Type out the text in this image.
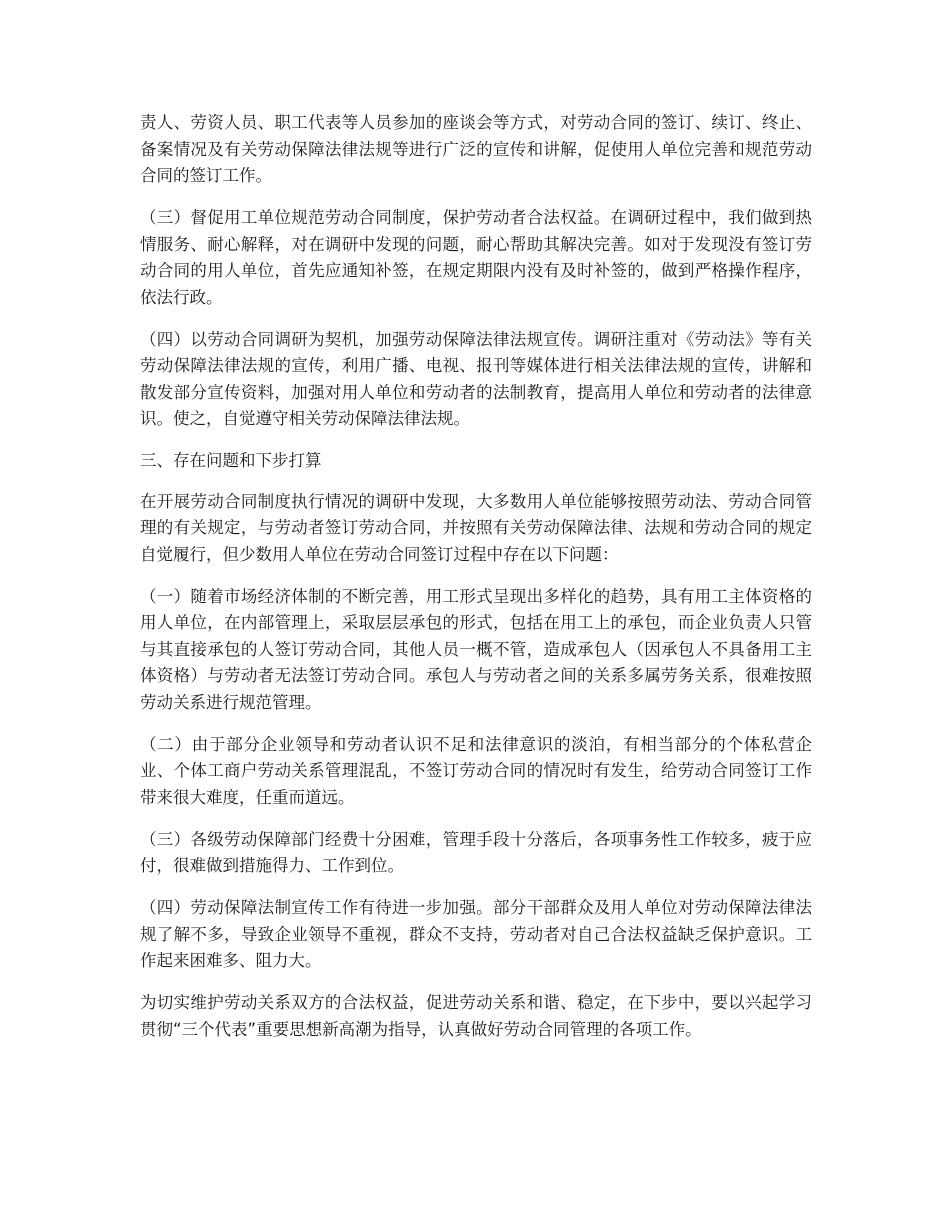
责人、劳资人员、职工代表等人员参加的座谈会等方式，对劳动合同的签订、续订、终止、备案情况及有关劳动保障法律法规等进行广泛的宣传和讲解，促使用人单位完善和规范劳动合同的签订工作。

（三）督促用工单位规范劳动合同制度，保护劳动者合法权益。在调研过程中，我们做到热情服务、耐心解释，对在调研中发现的问题，耐心帮助其解决完善。如对于发现没有签订劳动合同的用人单位，首先应通知补签，在规定期限内没有及时补签的，做到严格操作程序，依法行政。

（四）以劳动合同调研为契机，加强劳动保障法律法规宣传。调研注重对《劳动法》等有关劳动保障法律法规的宣传，利用广播、电视、报刊等媒体进行相关法律法规的宣传，讲解和散发部分宣传资料，加强对用人单位和劳动者的法制教育，提高用人单位和劳动者的法律意识。使之，自觉遵守相关劳动保障法律法规。

三、存在问题和下步打算

在开展劳动合同制度执行情况的调研中发现，大多数用人单位能够按照劳动法、劳动合同管理的有关规定，与劳动者签订劳动合同，并按照有关劳动保障法律、法规和劳动合同的规定自觉履行，但少数用人单位在劳动合同签订过程中存在以下问题：

（一）随着市场经济体制的不断完善，用工形式呈现出多样化的趋势，具有用工主体资格的用人单位，在内部管理上，采取层层承包的形式，包括在用工上的承包，而企业负责人只管与其直接承包的人签订劳动合同，其他人员一概不管，造成承包人（因承包人不具备用工主体资格）与劳动者无法签订劳动合同。承包人与劳动者之间的关系多属劳务关系，很难按照劳动关系进行规范管理。

（二）由于部分企业领导和劳动者认识不足和法律意识的淡泊，有相当部分的个体私营企业、个体工商户劳动关系管理混乱，不签订劳动合同的情况时有发生，给劳动合同签订工作带来很大难度，任重而道远。

（三）各级劳动保障部门经费十分困难，管理手段十分落后，各项事务性工作较多，疲于应付，很难做到措施得力、工作到位。

（四）劳动保障法制宣传工作有待进一步加强。部分干部群众及用人单位对劳动保障法律法规了解不多，导致企业领导不重视，群众不支持，劳动者对自己合法权益缺乏保护意识。工作起来困难多、阻力大。

为切实维护劳动关系双方的合法权益，促进劳动关系和谐、稳定，在下步中，要以兴起学习贯彻“三个代表”重要思想新高潮为指导，认真做好劳动合同管理的各项工作。
